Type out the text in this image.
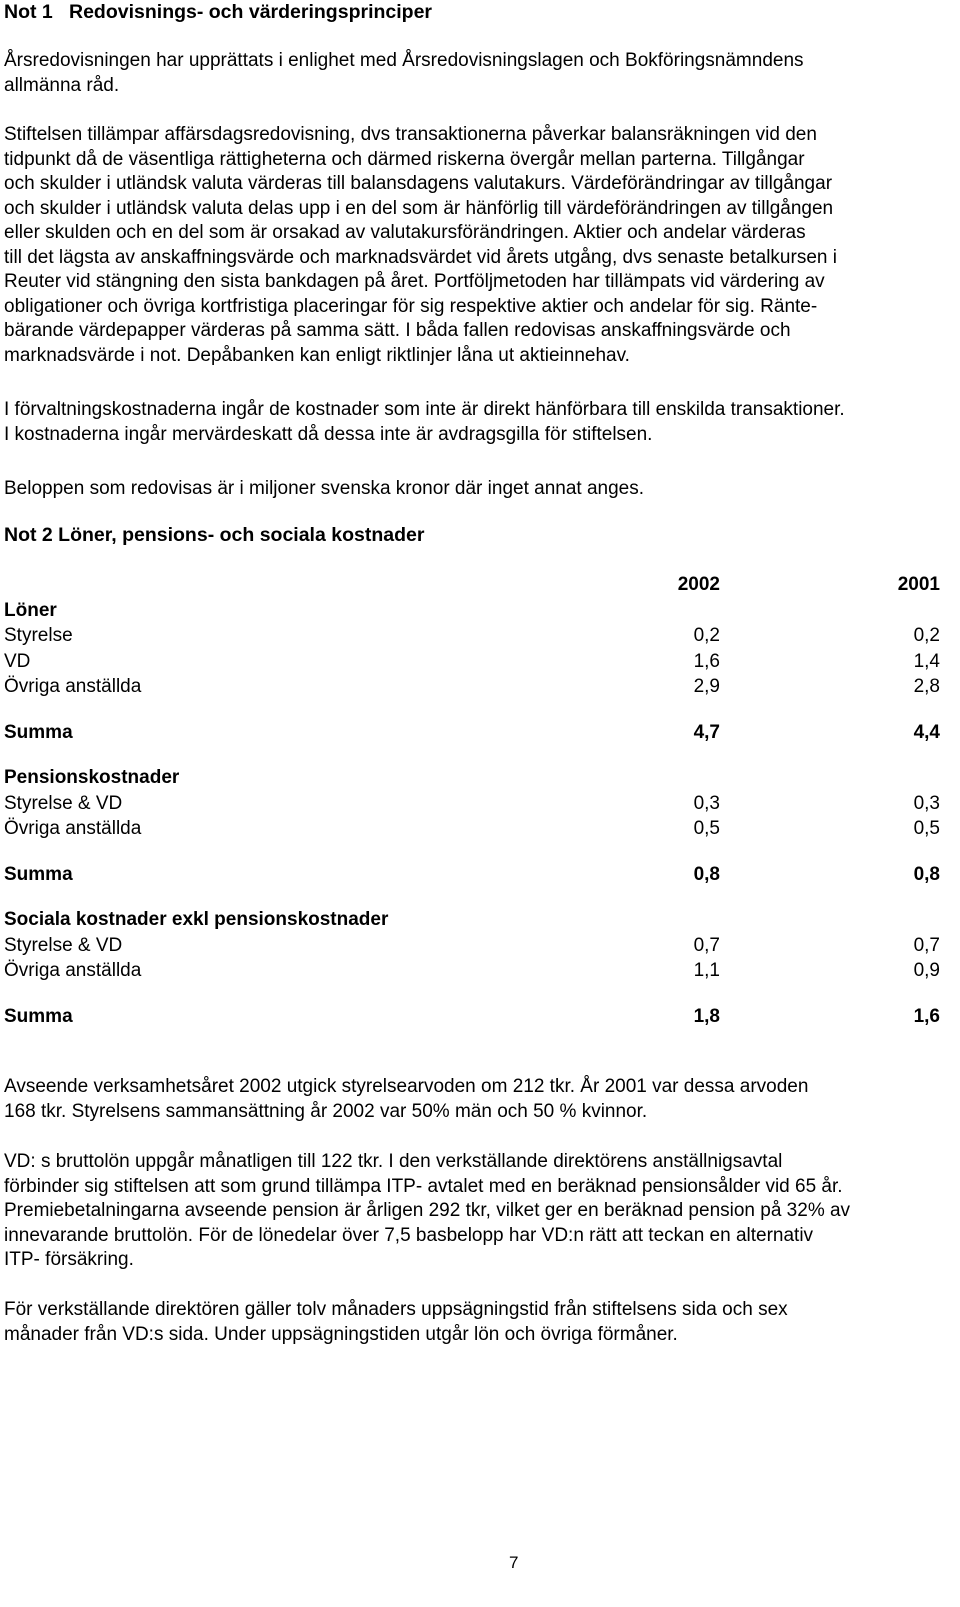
Not 1   Redovisnings- och värderingsprinciper
Årsredovisningen har upprättats i enlighet med Årsredovisningslagen och Bokföringsnämndens
allmänna råd.
Stiftelsen tillämpar affärsdagsredovisning, dvs transaktionerna påverkar balansräkningen vid den
tidpunkt då de väsentliga rättigheterna och därmed riskerna övergår mellan parterna. Tillgångar
och skulder i utländsk valuta värderas till balansdagens valutakurs. Värdeförändringar av tillgångar
och skulder i utländsk valuta delas upp i en del som är hänförlig till värdeförändringen av tillgången
eller skulden och en del som är orsakad av valutakursförändringen. Aktier och andelar värderas
till det lägsta av anskaffningsvärde och marknadsvärdet vid årets utgång, dvs senaste betalkursen i
Reuter vid stängning den sista bankdagen på året. Portföljmetoden har tillämpats vid värdering av
obligationer och övriga kortfristiga placeringar för sig respektive aktier och andelar för sig. Ränte-
bärande värdepapper värderas på samma sätt. I båda fallen redovisas anskaffningsvärde och
marknadsvärde i not. Depåbanken kan enligt riktlinjer låna ut aktieinnehav.
I förvaltningskostnaderna ingår de kostnader som inte är direkt hänförbara till enskilda transaktioner.
I kostnaderna ingår mervärdeskatt då dessa inte är avdragsgilla för stiftelsen.
Beloppen som redovisas är i miljoner svenska kronor där inget annat anges.
Not 2 Löner, pensions- och sociala kostnader
2002	2001
Löner
Styrelse	0,2	0,2
VD	1,6	1,4
Övriga anställda	2,9	2,8
Summa	4,7	4,4
Pensionskostnader
Styrelse & VD	0,3	0,3
Övriga anställda	0,5	0,5
Summa	0,8	0,8
Sociala kostnader exkl pensionskostnader
Styrelse & VD	0,7	0,7
Övriga anställda	1,1	0,9
Summa	1,8	1,6
Avseende verksamhetsåret 2002 utgick styrelsearvoden om 212 tkr. År 2001 var dessa arvoden
168 tkr. Styrelsens sammansättning år 2002 var 50% män och 50 % kvinnor.
VD: s bruttolön uppgår månatligen till 122 tkr. I den verkställande direktörens anställnigsavtal
förbinder sig stiftelsen att som grund tillämpa ITP- avtalet med en beräknad pensionsålder vid 65 år.
Premiebetalningarna avseende pension är årligen 292 tkr, vilket ger en beräknad pension på 32% av
innevarande bruttolön. För de lönedelar över 7,5 basbelopp har VD:n rätt att teckan en alternativ
ITP- försäkring.
För verkställande direktören gäller tolv månaders uppsägningstid från stiftelsens sida och sex
månader från VD:s sida. Under uppsägningstiden utgår lön och övriga förmåner.
7
